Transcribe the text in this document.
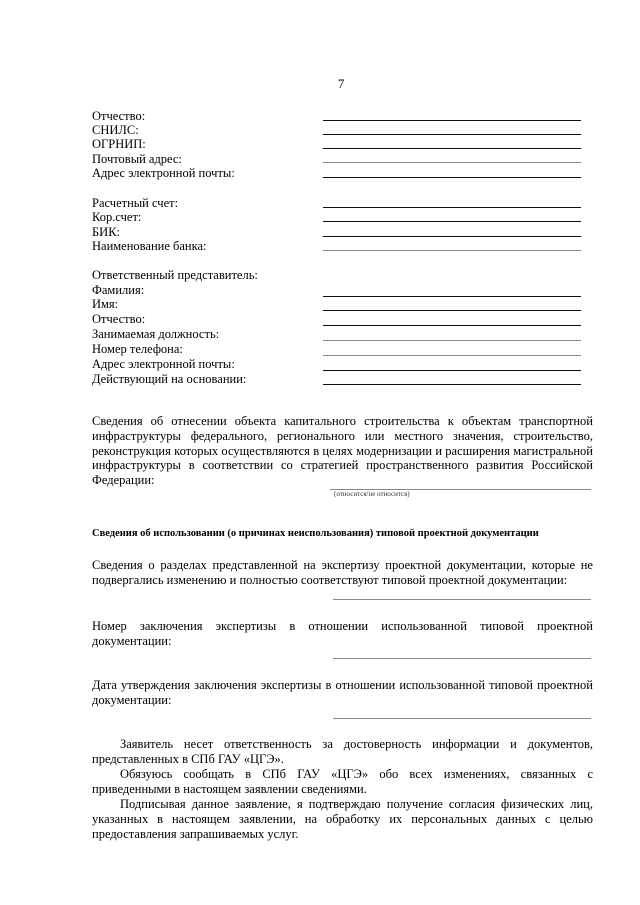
7
Отчество:
СНИЛС:
ОГРНИП:
Почтовый адрес:
Адрес электронной почты:
Расчетный счет:
Кор.счет:
БИК:
Наименование банка:
Ответственный представитель:
Фамилия:
Имя:
Отчество:
Занимаемая должность:
Номер телефона:
Адрес электронной почты:
Действующий на основании:
Сведения об отнесении объекта капитального строительства к объектам транспортной инфраструктуры федерального, регионального или местного значения, строительство, реконструкция которых осуществляются в целях модернизации и расширения магистральной инфраструктуры в соответствии со стратегией пространственного развития Российской Федерации:
(относится/не относится)
Сведения об использовании (о причинах неиспользования) типовой проектной документации
Сведения о разделах представленной на экспертизу проектной документации, которые не подвергались изменению и полностью соответствуют типовой проектной документации:
Номер заключения экспертизы в отношении использованной типовой проектной документации:
Дата утверждения заключения экспертизы в отношении использованной типовой проектной документации:
Заявитель несет ответственность за достоверность информации и документов, представленных в СПб ГАУ «ЦГЭ».
Обязуюсь сообщать в СПб ГАУ «ЦГЭ» обо всех изменениях, связанных с приведенными в настоящем заявлении сведениями.
Подписывая данное заявление, я подтверждаю получение согласия физических лиц, указанных в настоящем заявлении, на обработку их персональных данных с целью предоставления запрашиваемых услуг.
